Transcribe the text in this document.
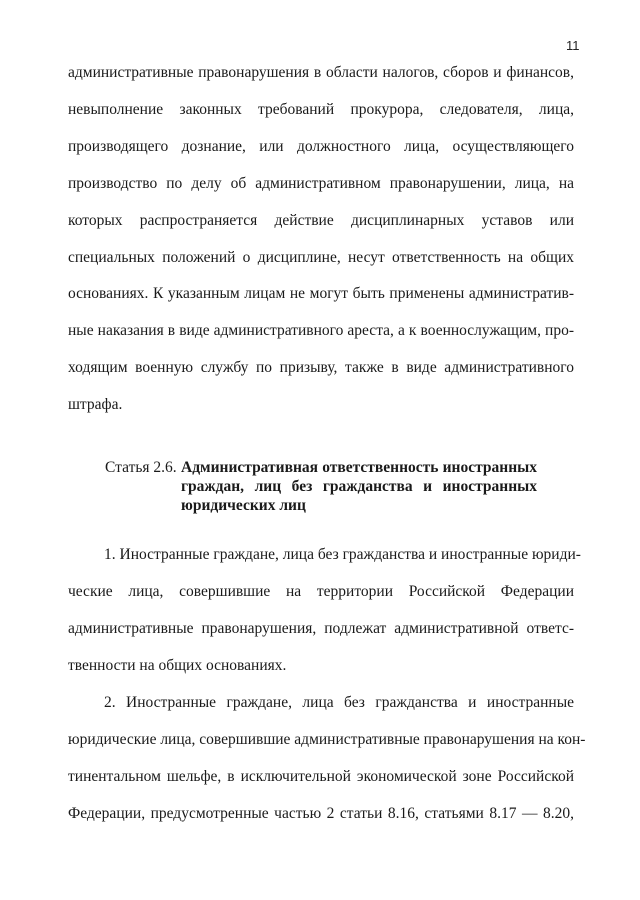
11
административные правонарушения в области налогов, сборов и финансов,
невыполнение законных требований прокурора, следователя, лица,
производящего дознание, или должностного лица, осуществляющего
производство по делу об административном правонарушении, лица, на
которых распространяется действие дисциплинарных уставов или
специальных положений о дисциплине, несут ответственность на общих
основаниях. К указанным лицам не могут быть применены административ-
ные наказания в виде административного ареста, а к военнослужащим, про-
ходящим военную службу по призыву, также в виде административного
штрафа.
Статья 2.6. Административная ответственность иностранных
граждан, лиц без гражданства и иностранных
юридических лиц
1. Иностранные граждане, лица без гражданства и иностранные юриди-
ческие лица, совершившие на территории Российской Федерации
административные правонарушения, подлежат административной ответс-
твенности на общих основаниях.
2. Иностранные граждане, лица без гражданства и иностранные
юридические лица, совершившие административные правонарушения на кон-
тинентальном шельфе, в исключительной экономической зоне Российской
Федерации, предусмотренные частью 2 статьи 8.16, статьями 8.17 — 8.20,
